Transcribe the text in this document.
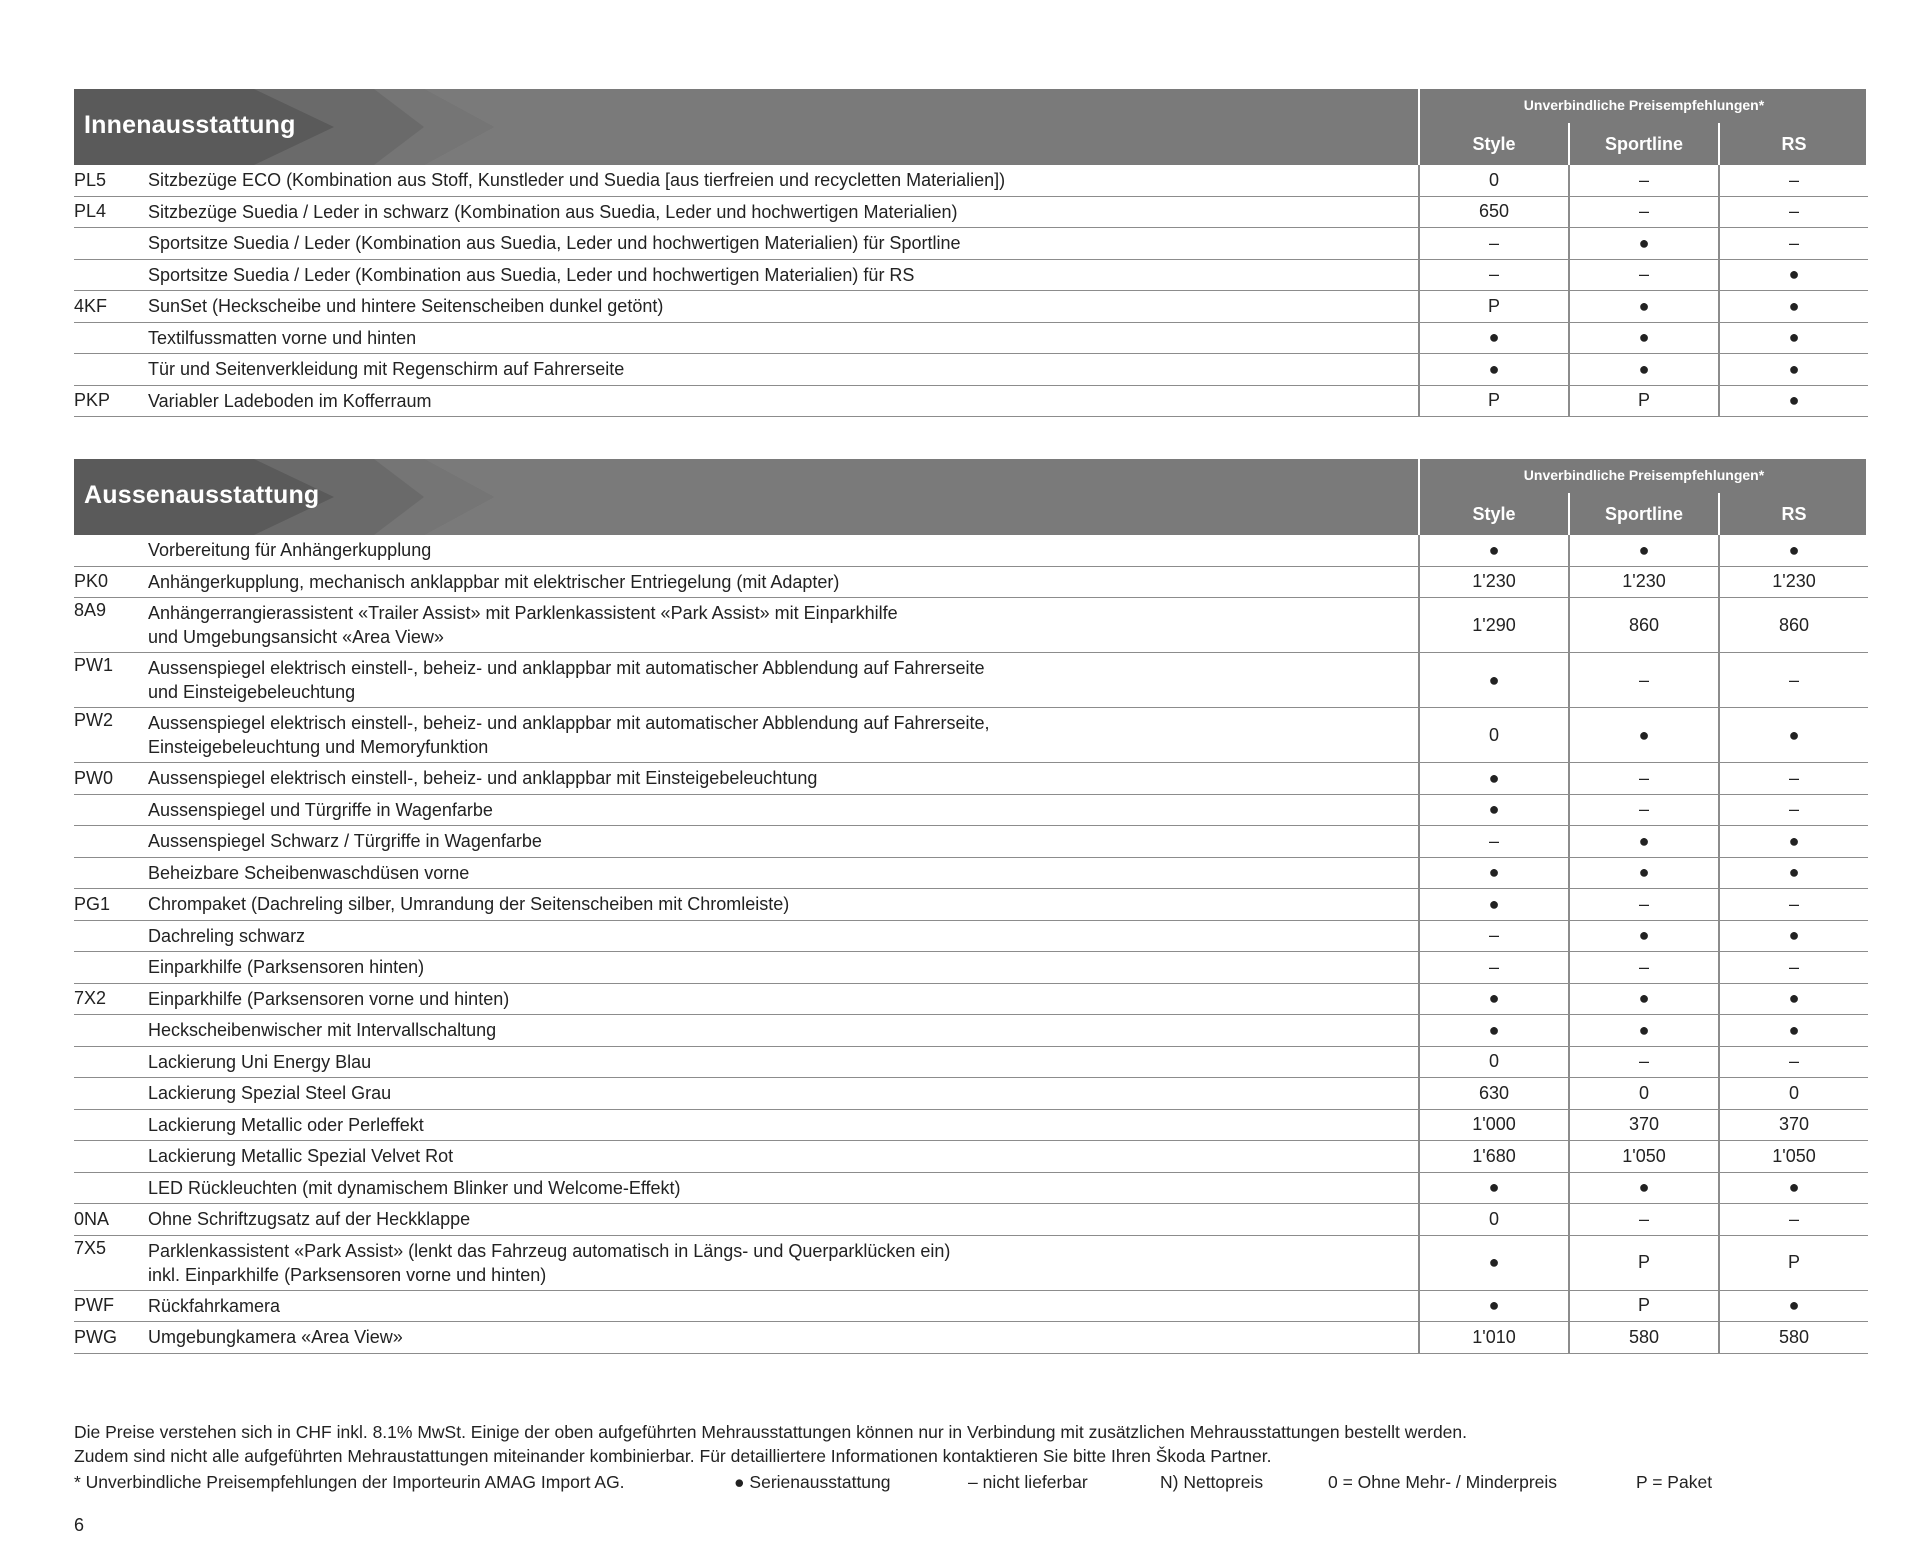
Innenausstattung
Unverbindliche Preisempfehlungen*
Style	Sportline	RS
PL5	Sitzbezüge ECO (Kombination aus Stoff, Kunstleder und Suedia [aus tierfreien und recycletten Materialien])	0	–	–
PL4	Sitzbezüge Suedia / Leder in schwarz (Kombination aus Suedia, Leder und hochwertigen Materialien)	650	–	–

	Sportsitze Suedia / Leder (Kombination aus Suedia, Leder und hochwertigen Materialien) für Sportline	–	●	–

	Sportsitze Suedia / Leder (Kombination aus Suedia, Leder und hochwertigen Materialien) für RS	–	–	●
4KF	SunSet (Heckscheibe und hintere Seitenscheiben dunkel getönt)	P	●	●

	Textilfussmatten vorne und hinten	●	●	●

	Tür und Seitenverkleidung mit Regenschirm auf Fahrerseite	●	●	●
PKP	Variabler Ladeboden im Kofferraum	P	P	●
Aussenausstattung
Unverbindliche Preisempfehlungen*
Style	Sportline	RS

	Vorbereitung für Anhängerkupplung	●	●	●
PK0	Anhängerkupplung, mechanisch anklappbar mit elektrischer Entriegelung (mit Adapter)	1'230	1'230	1'230
8A9	Anhängerrangierassistent «Trailer Assist» mit Parklenkassistent «Park Assist» mit Einparkhilfe
und Umgebungsansicht «Area View»	1'290	860	860
PW1	Aussenspiegel elektrisch einstell-, beheiz- und anklappbar mit automatischer Abblendung auf Fahrerseite
und Einsteigebeleuchtung	●	–	–
PW2	Aussenspiegel elektrisch einstell-, beheiz- und anklappbar mit automatischer Abblendung auf Fahrerseite,
Einsteigebeleuchtung und Memoryfunktion	0	●	●
PW0	Aussenspiegel elektrisch einstell-, beheiz- und anklappbar mit Einsteigebeleuchtung	●	–	–

	Aussenspiegel und Türgriffe in Wagenfarbe	●	–	–

	Aussenspiegel Schwarz / Türgriffe in Wagenfarbe	–	●	●

	Beheizbare Scheibenwaschdüsen vorne	●	●	●
PG1	Chrompaket (Dachreling silber, Umrandung der Seitenscheiben mit Chromleiste)	●	–	–

	Dachreling schwarz	–	●	●

	Einparkhilfe (Parksensoren hinten)	–	–	–
7X2	Einparkhilfe (Parksensoren vorne und hinten)	●	●	●

	Heckscheibenwischer mit Intervallschaltung	●	●	●

	Lackierung Uni Energy Blau	0	–	–

	Lackierung Spezial Steel Grau	630	0	0

	Lackierung Metallic oder Perleffekt	1'000	370	370

	Lackierung Metallic Spezial Velvet Rot	1'680	1'050	1'050

	LED Rückleuchten (mit dynamischem Blinker und Welcome-Effekt)	●	●	●
0NA	Ohne Schriftzugsatz auf der Heckklappe	0	–	–
7X5	Parklenkassistent «Park Assist» (lenkt das Fahrzeug automatisch in Längs- und Querparklücken ein)
inkl. Einparkhilfe (Parksensoren vorne und hinten)	●	P	P
PWF	Rückfahrkamera	●	P	●
PWG	Umgebungkamera «Area View»	1'010	580	580
Die Preise verstehen sich in CHF inkl. 8.1% MwSt. Einige der oben aufgeführten Mehrausstattungen können nur in Verbindung mit zusätzlichen Mehrausstattungen bestellt werden.
Zudem sind nicht alle aufgeführten Mehraustattungen miteinander kombinierbar. Für detailliertere Informationen kontaktieren Sie bitte Ihren Škoda Partner.
* Unverbindliche Preisempfehlungen der Importeurin AMAG Import AG.	● Serienausstattung	– nicht lieferbar	N) Nettopreis	0 = Ohne Mehr- / Minderpreis	P = Paket
6
